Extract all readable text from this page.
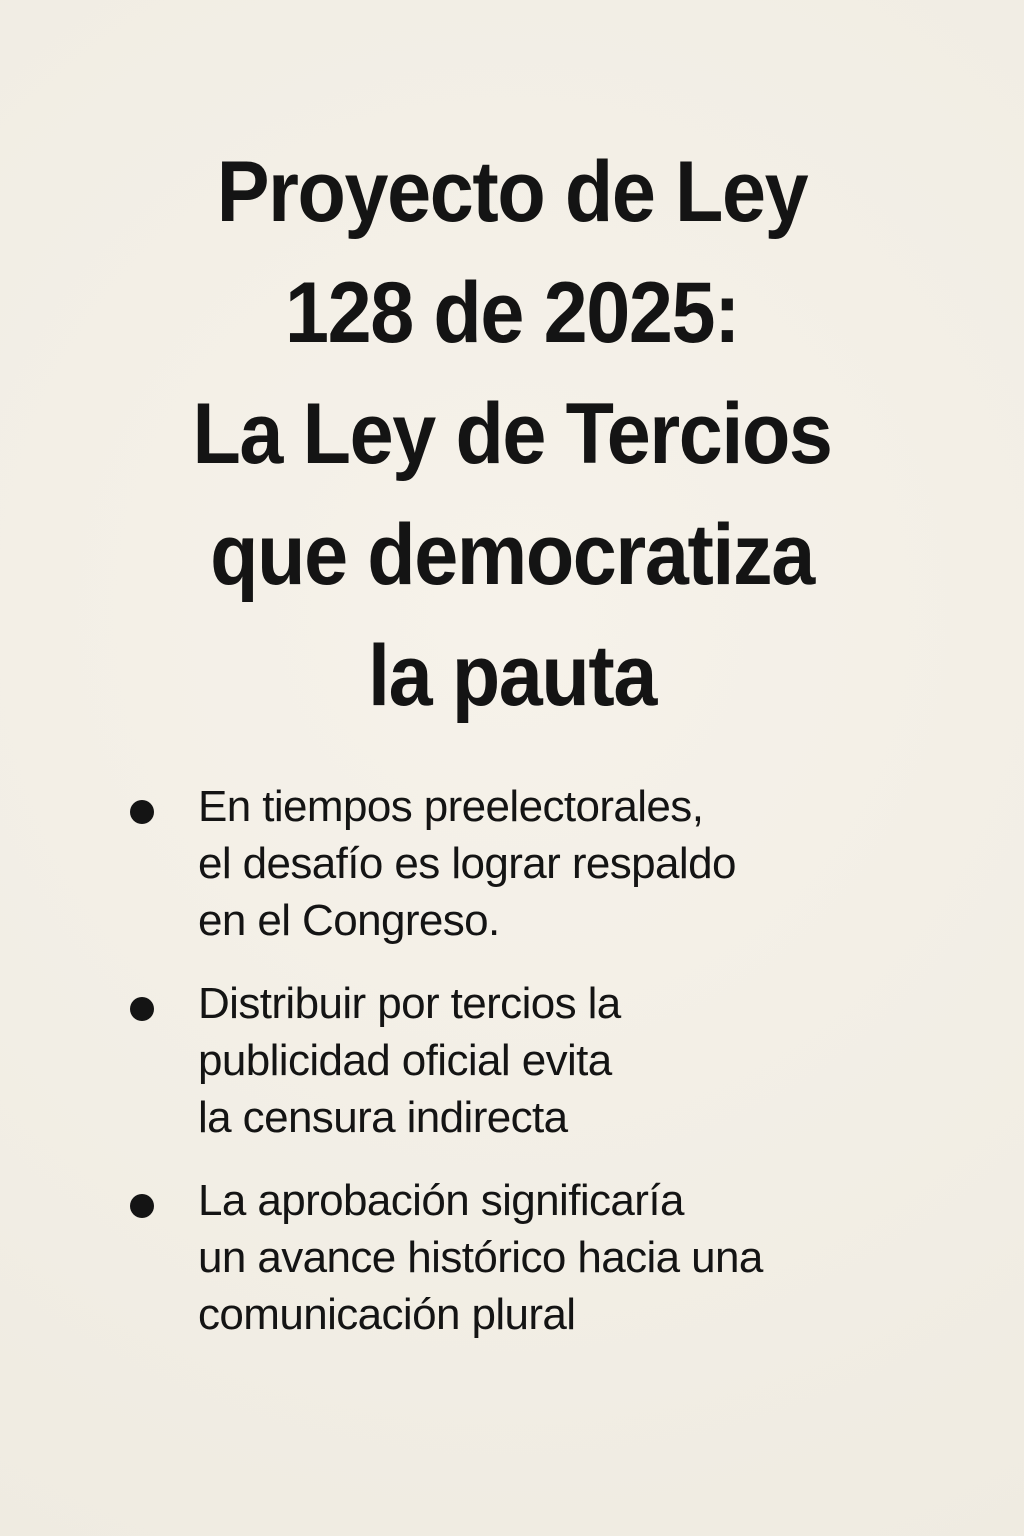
Proyecto de Ley
128 de 2025:
La Ley de Tercios
que democratiza
la pauta
En tiempos preelectorales,
el desafío es lograr respaldo
en el Congreso.
Distribuir por tercios la
publicidad oficial evita
la censura indirecta
La aprobación significaría
un avance histórico hacia una
comunicación plural
